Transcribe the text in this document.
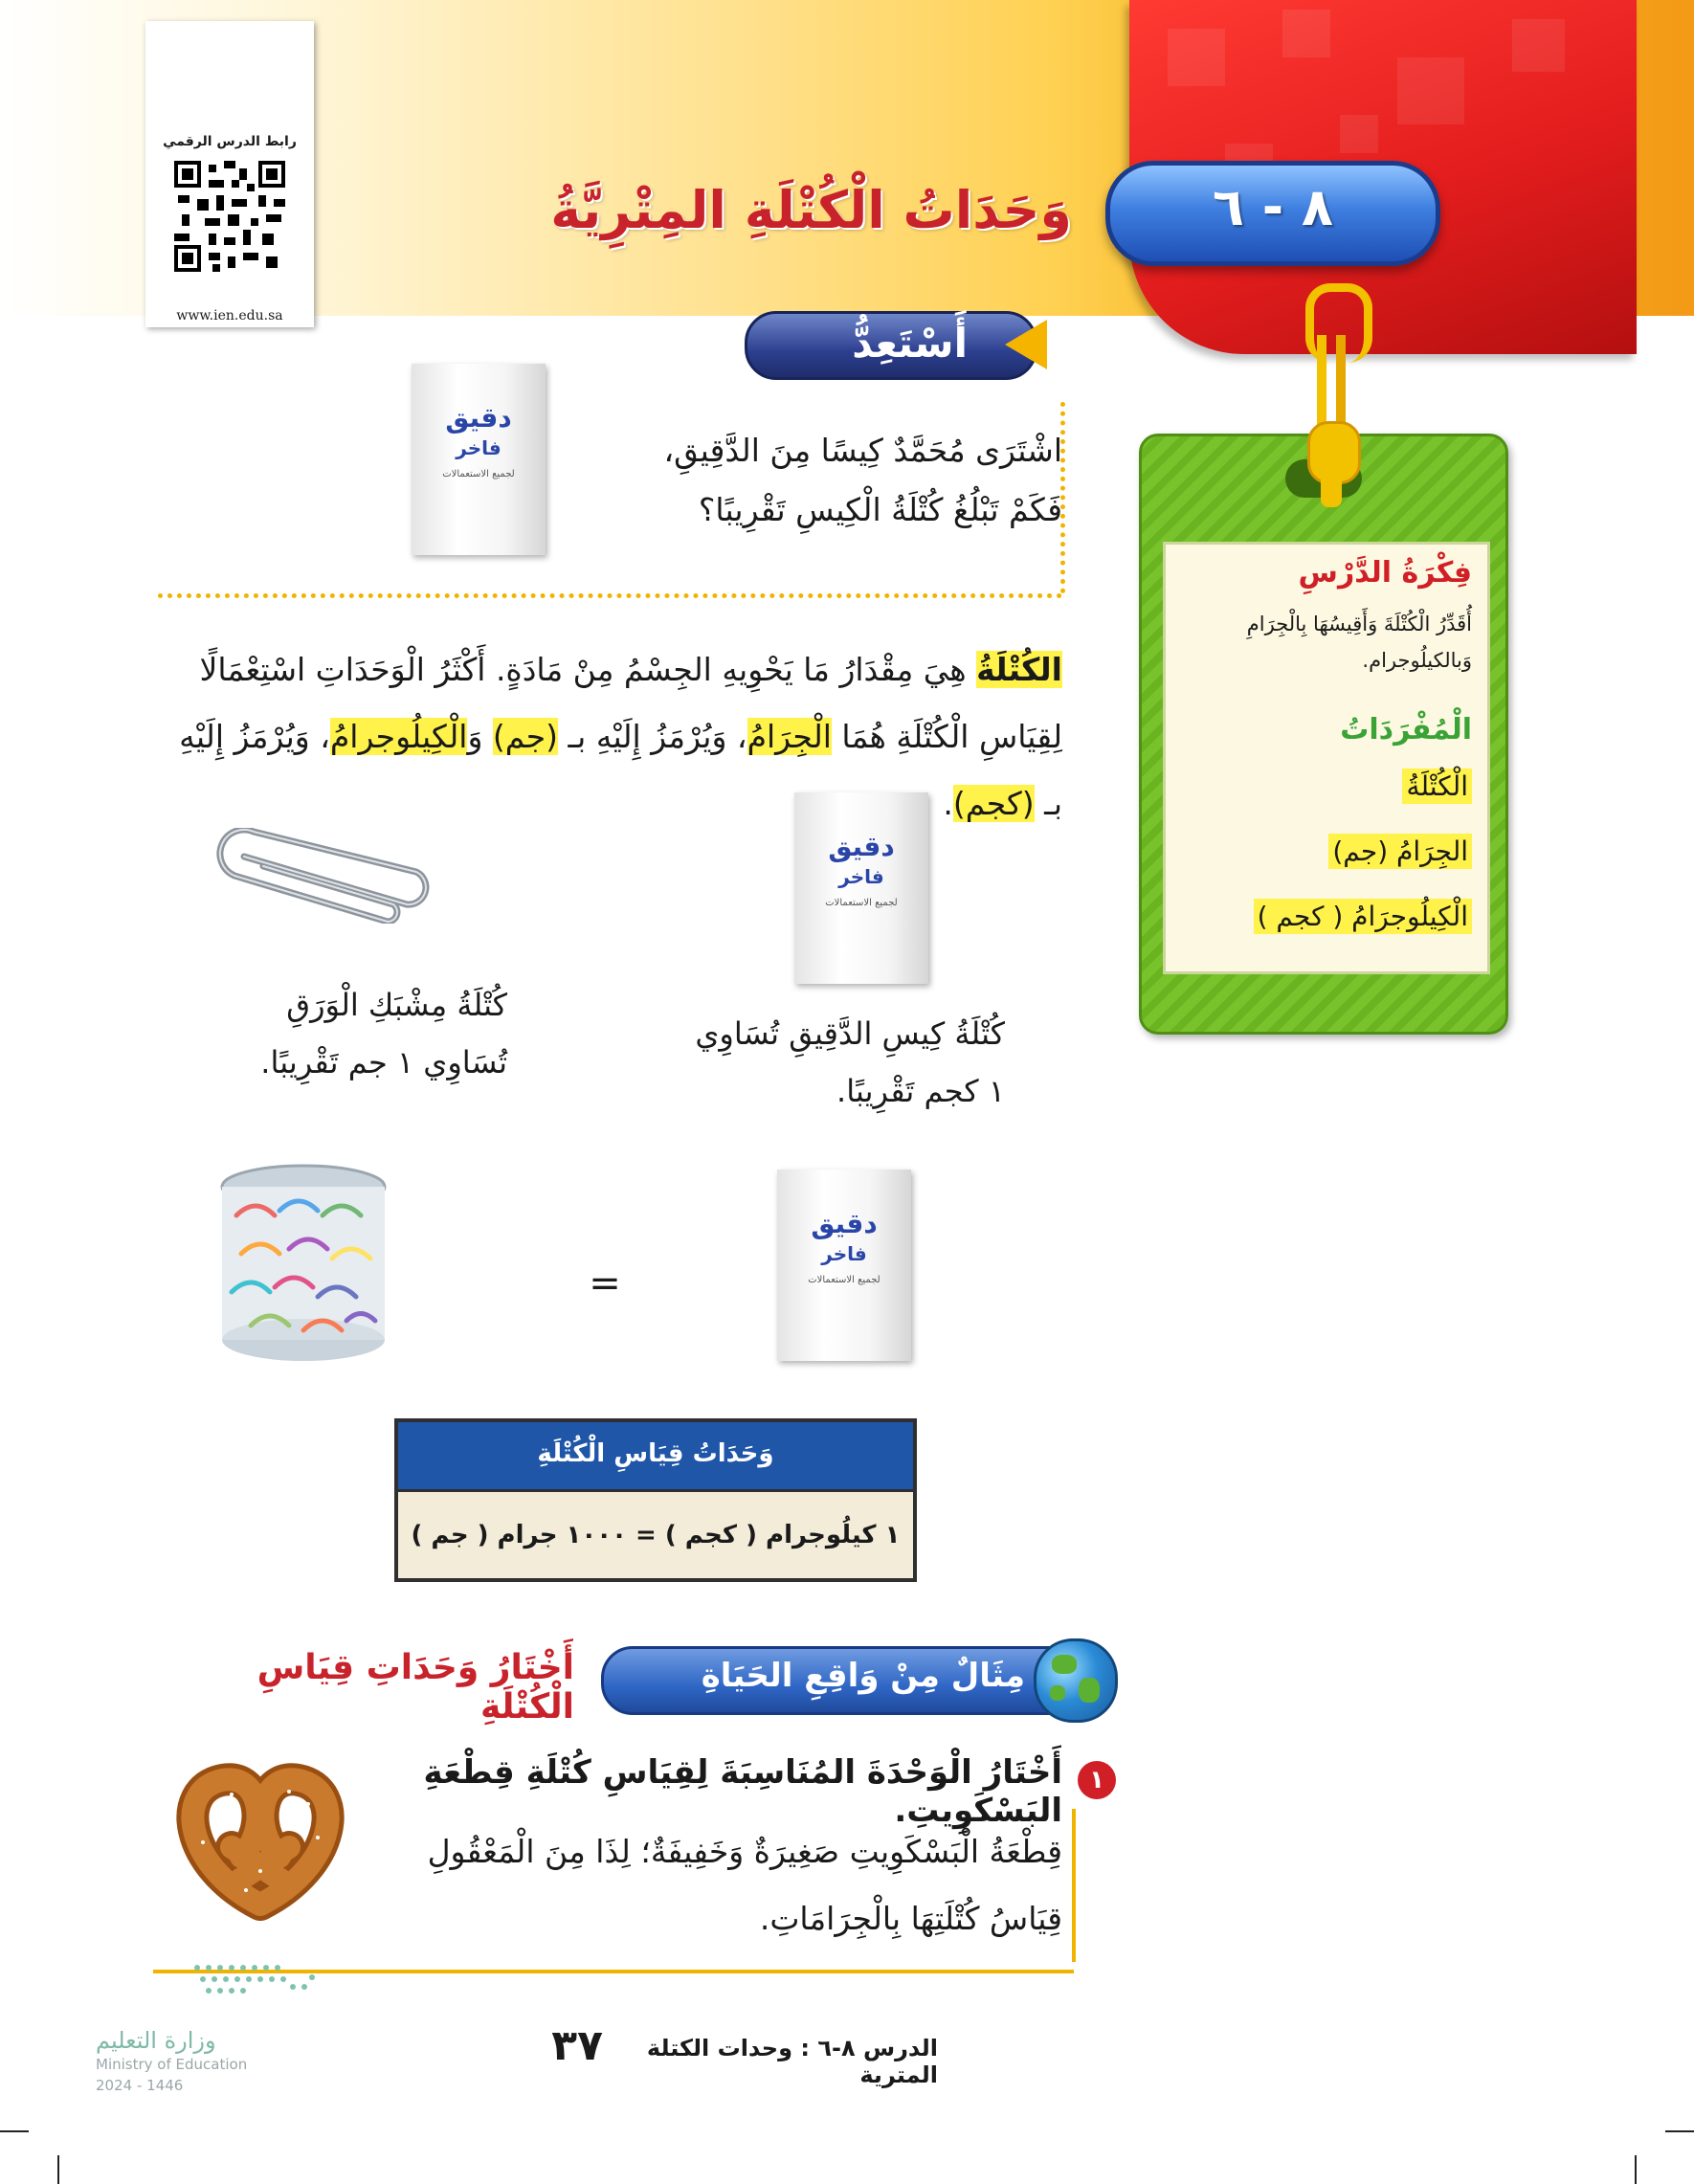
رابط الدرس الرقمي
www.ien.edu.sa
وَحَدَاتُ الْكُتْلَةِ المِتْرِيَّةُ	٨ - ٦
فِكْرَةُ الدَّرْسِ
أُقَدِّرُ الْكُتْلَةَ وَأَقِيسُهَا بِالْجِرَامِ وَبالكيلُوجرام.
الْمُفْرَدَاتُ
الْكُتْلَةُ
الجِرَامُ (جم)
الْكِيلُوجرَامُ ( كجم )
أَسْتَعِدُّ
دقيق
فاخر
لجميع الاستعمالات
اشْتَرَى مُحَمَّدٌ كِيسًا مِنَ الدَّقِيقِ،
فَكَمْ تَبْلُغُ كُتْلَةُ الْكِيسِ تَقْرِيبًا؟
الكُتْلَةُ هِيَ مِقْدَارُ مَا يَحْوِيهِ الجِسْمُ مِنْ مَادَةٍ. أَكْثَرُ الْوَحَدَاتِ اسْتِعْمَالًا لِقِيَاسِ الْكُتْلَةِ هُمَا الْجِرَامُ، وَيُرْمَزُ إِلَيْهِ بـ (جم) وَالْكِيلُوجرامُ، وَيُرْمَزُ إِلَيْهِ بـ (كجم).
دقيق
فاخر
لجميع الاستعمالات
كُتْلَةُ كِيسِ الدَّقِيقِ تُسَاوِي
١ كجم تَقْرِيبًا.
كُتْلَةُ مِشْبَكِ الْوَرَقِ
تُسَاوِي ١ جم تَقْرِيبًا.
=
دقيق
فاخر
لجميع الاستعمالات
وَحَدَاتُ قِيَاسِ الْكُتْلَةِ
١ كيلُوجرام ( كجم ) = ١٠٠٠ جرام ( جم )
أَخْتَارُ وَحَدَاتِ قِيَاسِ الْكُتْلَةِ
مِثَالٌ مِنْ وَاقِعِ الحَيَاةِ
١
أَخْتَارُ الْوَحْدَةَ المُنَاسِبَةَ لِقِيَاسِ كُتْلَةِ قِطْعَةِ البَسْكَوِيتِ.
قِطْعَةُ الْبَسْكَوِيتِ صَغِيرَةٌ وَخَفِيفَةٌ؛ لِذَا مِنَ الْمَعْقُولِ
قِيَاسُ كُتْلَتِهَا بِالْجِرَامَاتِ.
وزارة التعليم
Ministry of Education
2024 - 1446
٣٧	الدرس ٨-٦ : وحدات الكتلة المترية
